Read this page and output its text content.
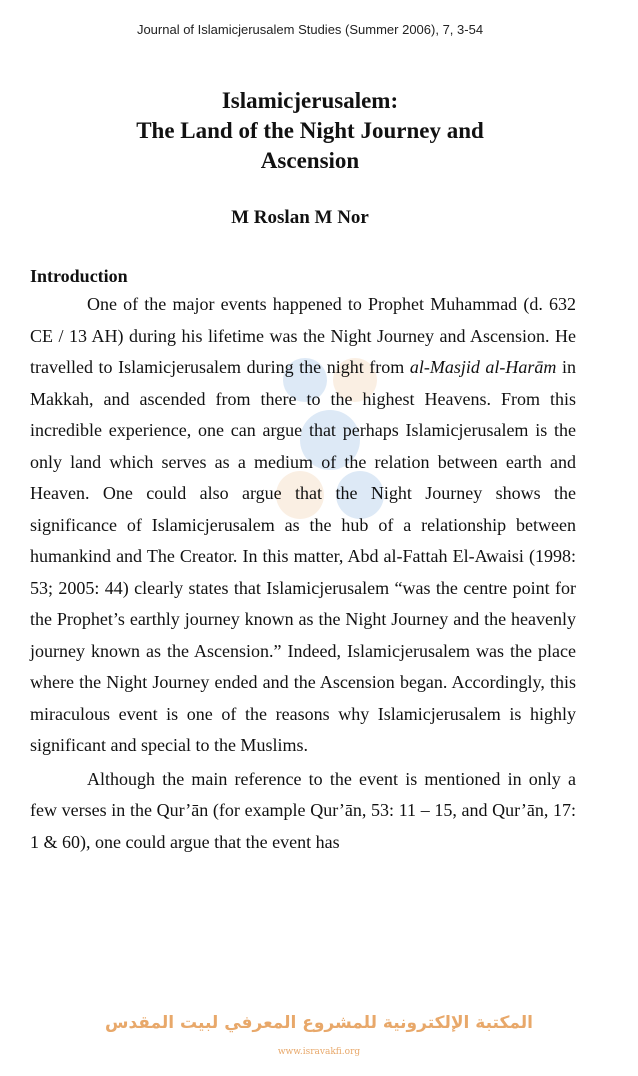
Journal of Islamicjerusalem Studies (Summer 2006), 7, 3-54
Islamicjerusalem:
The Land of the Night Journey and
Ascension
M Roslan M Nor
Introduction

One of the major events happened to Prophet Muhammad (d. 632 CE / 13 AH) during his lifetime was the Night Journey and Ascension. He travelled to Islamicjerusalem during the night from al-Masjid al-Harām in Makkah, and ascended from there to the highest Heavens. From this incredible experience, one can argue that perhaps Islamicjerusalem is the only land which serves as a medium of the relation between earth and Heaven. One could also argue that the Night Journey shows the significance of Islamicjerusalem as the hub of a relationship between humankind and The Creator. In this matter, Abd al-Fattah El-Awaisi (1998: 53; 2005: 44) clearly states that Islamicjerusalem “was the centre point for the Prophet’s earthly journey known as the Night Journey and the heavenly journey known as the Ascension.” Indeed, Islamicjerusalem was the place where the Night Journey ended and the Ascension began. Accordingly, this miraculous event is one of the reasons why Islamicjerusalem is highly significant and special to the Muslims.

Although the main reference to the event is mentioned in only a few verses in the Qur’ān (for example Qur’ān, 53: 11 – 15, and Qur’ān, 17: 1 & 60), one could argue that the event has

المكتبة الإلكترونية للمشروع المعرفي لبيت المقدس
www.isravakfi.org
